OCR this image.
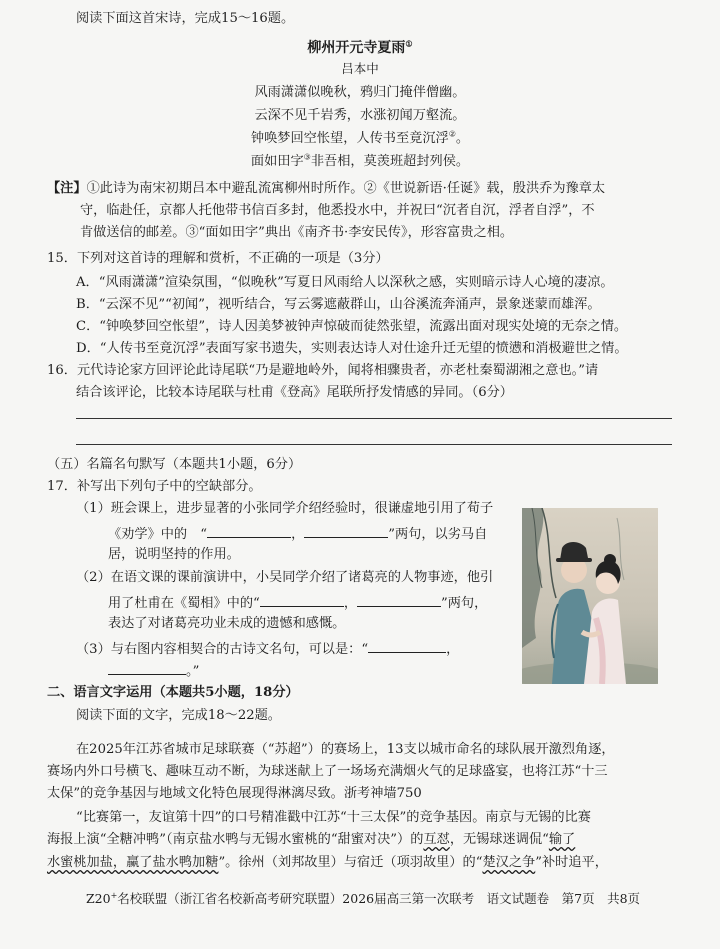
阅读下面这首宋诗，完成15～16题。
柳州开元寺夏雨①
吕本中
风雨潇潇似晚秋，鸦归门掩伴僧幽。
云深不见千岩秀，水涨初闻万壑流。
钟唤梦回空怅望，人传书至竟沉浮②。
面如田字③非吾相，莫羡班超封列侯。
【注】①此诗为南宋初期吕本中避乱流寓柳州时所作。②《世说新语·任诞》载，殷洪乔为豫章太
守，临赴任，京都人托他带书信百多封，他悉投水中，并祝曰“沉者自沉，浮者自浮”，不
肯做送信的邮差。③“面如田字”典出《南齐书·李安民传》，形容富贵之相。
15．下列对这首诗的理解和赏析，不正确的一项是（3分）
A．“风雨潇潇”渲染氛围，“似晚秋”写夏日风雨给人以深秋之感，实则暗示诗人心境的凄凉。
B．“云深不见”“初闻”，视听结合，写云雾遮蔽群山，山谷溪流奔涌声，景象迷蒙而雄浑。
C．“钟唤梦回空怅望”，诗人因美梦被钟声惊破而徒然张望，流露出面对现实处境的无奈之情。
D．“人传书至竟沉浮”表面写家书遗失，实则表达诗人对仕途升迁无望的愤懑和消极避世之情。
16．元代诗论家方回评论此诗尾联“乃是避地岭外，闻将相骤贵者，亦老杜秦蜀湖湘之意也。”请
结合该评论，比较本诗尾联与杜甫《登高》尾联所抒发情感的异同。（6分）
（五）名篇名句默写（本题共1小题，6分）
17．补写出下列句子中的空缺部分。
（1）班会课上，进步显著的小张同学介绍经验时，很谦虚地引用了荀子
《劝学》中的　“	，	”两句，以劣马自
居，说明坚持的作用。
（2）在语文课的课前演讲中，小吴同学介绍了诸葛亮的人物事迹，他引
用了杜甫在《蜀相》中的“	，	”两句，
表达了对诸葛亮功业未成的遗憾和感慨。
（3）与右图内容相契合的古诗文名句，可以是：“	，
。”
二、语言文字运用（本题共5小题，18分）
阅读下面的文字，完成18～22题。
在2025年江苏省城市足球联赛（“苏超”）的赛场上，13支以城市命名的球队展开激烈角逐，
赛场内外口号横飞、趣味互动不断，为球迷献上了一场场充满烟火气的足球盛宴，也将江苏“十三
太保”的竞争基因与地域文化特色展现得淋漓尽致。浙考神墙750
“比赛第一，友谊第十四”的口号精准戳中江苏“十三太保”的竞争基因。南京与无锡的比赛
海报上演“全糖冲鸭”（南京盐水鸭与无锡水蜜桃的“甜蜜对决”）的互怼，无锡球迷调侃“输了
水蜜桃加盐，赢了盐水鸭加糖”。徐州（刘邦故里）与宿迁（项羽故里）的“楚汉之争”补时追平，
Z20+名校联盟（浙江省名校新高考研究联盟）2026届高三第一次联考　语文试题卷　第7页　共8页
